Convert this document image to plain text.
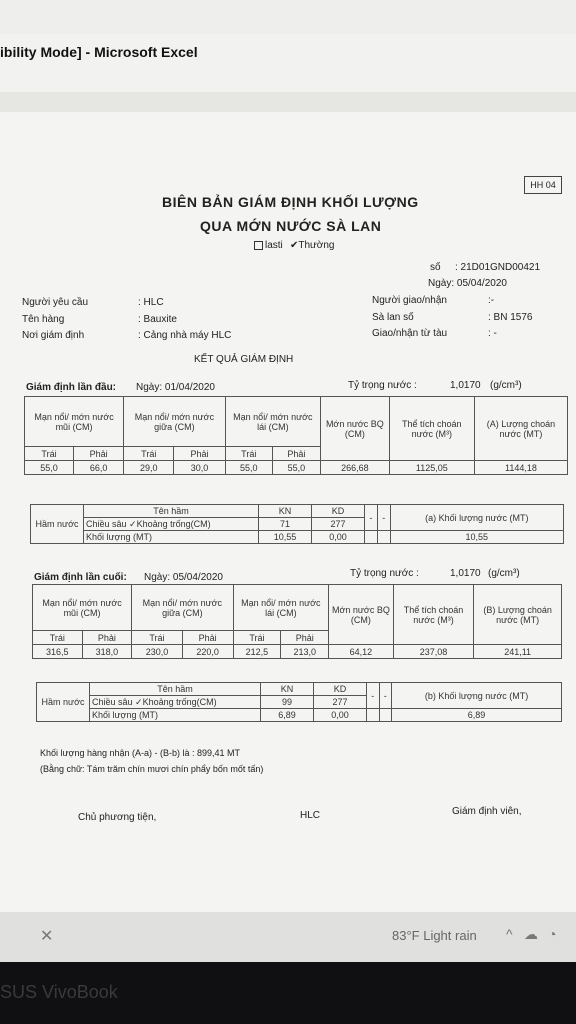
ibility Mode] - Microsoft Excel
HH 04
BIÊN BẢN GIÁM ĐỊNH KHỐI LƯỢNG
QUA MỚN NƯỚC SÀ LAN
lasti ✔Thường
số : 21D01GND00421
Ngày: 05/04/2020
Người yêu cầu	: HLC
Tên hàng	: Bauxite
Nơi giám định	: Cảng nhà máy HLC
Người giao/nhận	:-
Sà lan số	: BN 1576
Giao/nhận từ tàu	: -
KẾT QUẢ GIÁM ĐỊNH
Giám định lần đầu: Ngày: 01/04/2020	Tỷ trọng nước :	1,0170 (g/cm³)
Mạn nổi/ mớn nước mũi (CM)		Mạn nổi/ mớn nước giữa (CM)		Mạn nổi/ mớn nước lái (CM)		Mớn nước BQ (CM)	Thể tích choán nước (M³)	(A) Lượng choán nước (MT)
Trái	Phải	Trái	Phải	Trái	Phải			
55,0	66,0	29,0	30,0	55,0	55,0	266,68	1125,05	1144,18
Hầm nước	Tên hầm	KN	KD	-	-	(a) Khối lượng nước (MT)
	Chiều sâu ✓Khoảng trống(CM)	71	277			
	Khối lượng (MT)	10,55	0,00			10,55
Giám định lần cuối: Ngày: 05/04/2020	Tỷ trọng nước :	1,0170 (g/cm³)
Mạn nổi/ mớn nước mũi (CM)		Mạn nổi/ mớn nước giữa (CM)		Mạn nổi/ mớn nước lái (CM)		Mớn nước BQ (CM)	Thể tích choán nước (M³)	(B) Lượng choán nước (MT)
Trái	Phải	Trái	Phải	Trái	Phải			
316,5	318,0	230,0	220,0	212,5	213,0	64,12	237,08	241,11
Hầm nước	Tên hầm	KN	KD	-	-	(b) Khối lượng nước (MT)
	Chiều sâu ✓Khoảng trống(CM)	99	277			
	Khối lượng (MT)	6,89	0,00			6,89
Khối lượng hàng nhận (A-a) - (B-b) là : 899,41 MT
(Bằng chữ: Tám trăm chín mươi chín phẩy bốn mốt tấn)
Chủ phương tiện,	HLC	Giám định viên,
✕	83°F Light rain ^ ☁ ◔
SUS VivoBook
